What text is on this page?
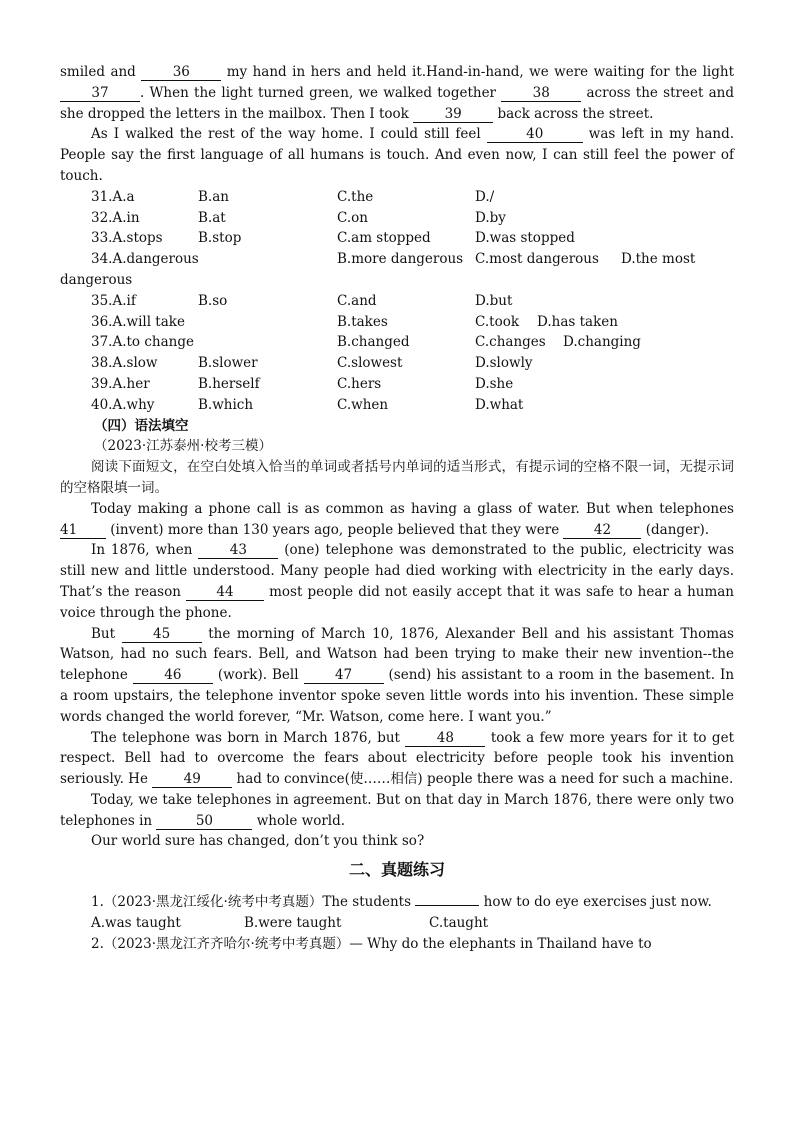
smiled and 36 my hand in hers and held it.Hand-in-hand, we were waiting for the light 37 . When the light turned green, we walked together 38 across the street and she dropped the letters in the mailbox. Then I took 39 back across the street.

As I walked the rest of the way home. I could still feel	40	was left in my hand. People say the first language of all humans is touch. And even now, I can still feel the power of touch.

31.A.a	B.an	C.the	D./
32.A.in	B.at	C.on	D.by
33.A.stops	B.stop	C.am stopped	D.was stopped
34.A.dangerous	B.more dangerous C.most dangerous	D.the most

dangerous

35.A.if	B.so	C.and	D.but
36.A.will take	B.takes	C.took	D.has taken
37.A.to change	B.changed	C.changes	D.changing
38.A.slow	B.slower	C.slowest	D.slowly
39.A.her	B.herself	C.hers	D.she
40.A.why	B.which	C.when	D.what

（四）语法填空

（2023·江苏泰州·校考三模）

阅读下面短文，在空白处填入恰当的单词或者括号内单词的适当形式，有提示词的空格不限一词，无提示词的空格限填一词。

Today making a phone call is as common as having a glass of water. But when telephones 41 (invent) more than 130 years ago, people believed that they were 42 (danger).

In 1876, when 43 (one) telephone was demonstrated to the public, electricity was still new and little understood. Many people had died working with electricity in the early days. That’s the reason 44 most people did not easily accept that it was safe to hear a human voice through the phone.

But 45 the morning of March 10, 1876, Alexander Bell and his assistant Thomas Watson, had no such fears. Bell, and Watson had been trying to make their new invention--the telephone 46 (work). Bell 47 (send) his assistant to a room in the basement. In a room upstairs, the telephone inventor spoke seven little words into his invention. These simple words changed the world forever, “Mr. Watson, come here. I want you.”

The telephone was born in March 1876, but 48 took a few more years for it to get respect. Bell had to overcome the fears about electricity before people took his invention seriously. He 49 had to convince(使……相信) people there was a need for such a machine.

Today, we take telephones in agreement. But on that day in March 1876, there were only two telephones in	50	whole world.

Our world sure has changed, don’t you think so?

二、真题练习

1.（2023·黑龙江绥化·统考中考真题）The students	how to do eye exercises just now.

A.was taught	B.were taught	C.taught

2.（2023·黑龙江齐齐哈尔·统考中考真题）— Why do the elephants in Thailand have to
